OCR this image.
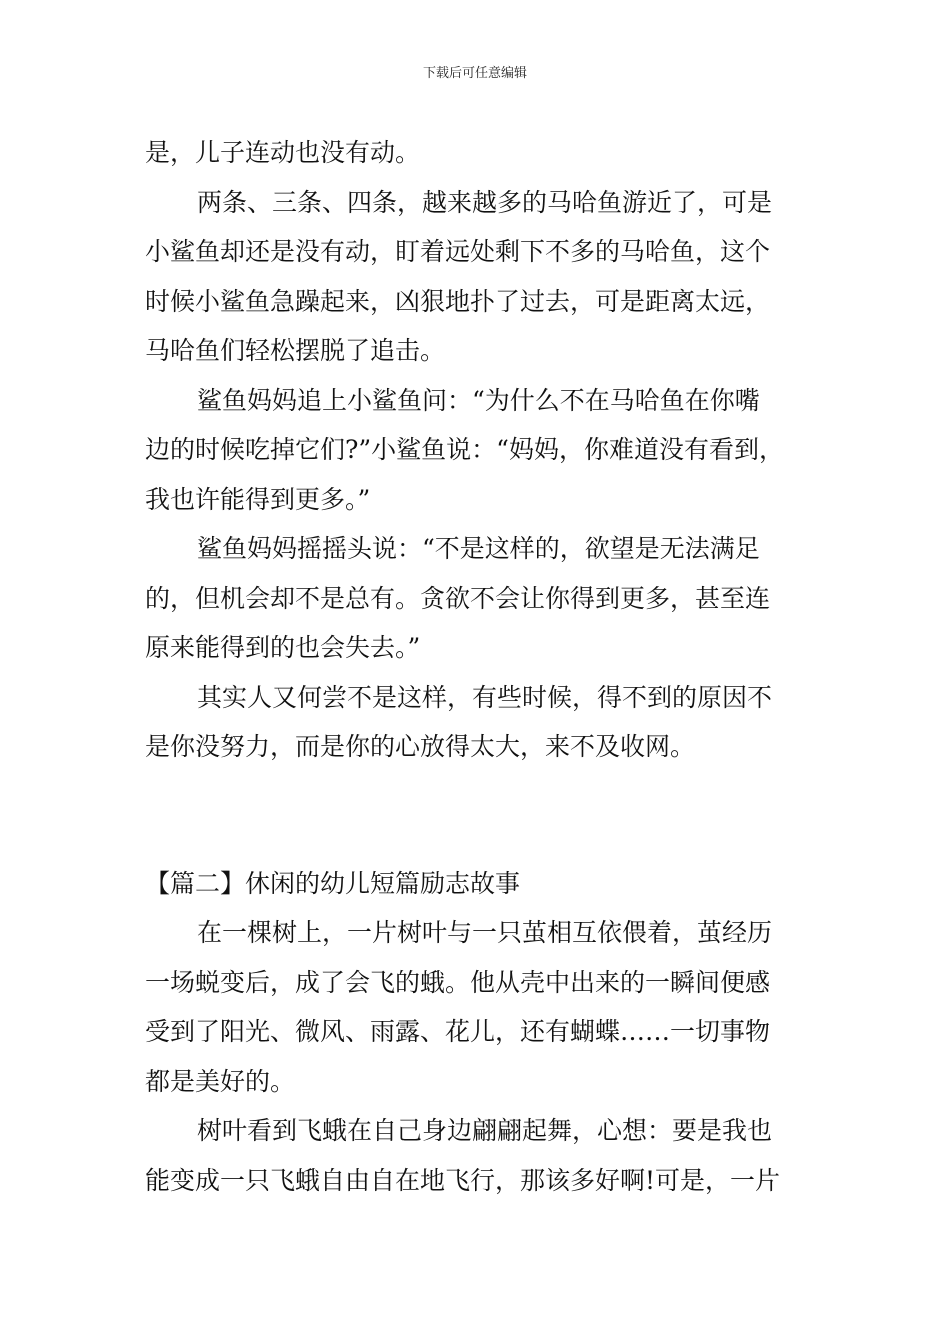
下载后可任意编辑
是，儿子连动也没有动。
两条、三条、四条，越来越多的马哈鱼游近了，可是
小鲨鱼却还是没有动，盯着远处剩下不多的马哈鱼，这个
时候小鲨鱼急躁起来，凶狠地扑了过去，可是距离太远，
马哈鱼们轻松摆脱了追击。
鲨鱼妈妈追上小鲨鱼问：“为什么不在马哈鱼在你嘴
边的时候吃掉它们?”小鲨鱼说：“妈妈，你难道没有看到，
我也许能得到更多。”
鲨鱼妈妈摇摇头说：“不是这样的，欲望是无法满足
的，但机会却不是总有。贪欲不会让你得到更多，甚至连
原来能得到的也会失去。”
其实人又何尝不是这样，有些时候，得不到的原因不
是你没努力，而是你的心放得太大，来不及收网。
【篇二】休闲的幼儿短篇励志故事
在一棵树上，一片树叶与一只茧相互依偎着，茧经历
一场蜕变后，成了会飞的蛾。他从壳中出来的一瞬间便感
受到了阳光、微风、雨露、花儿，还有蝴蝶……一切事物
都是美好的。
树叶看到飞蛾在自己身边翩翩起舞，心想：要是我也
能变成一只飞蛾自由自在地飞行，那该多好啊!可是，一片
